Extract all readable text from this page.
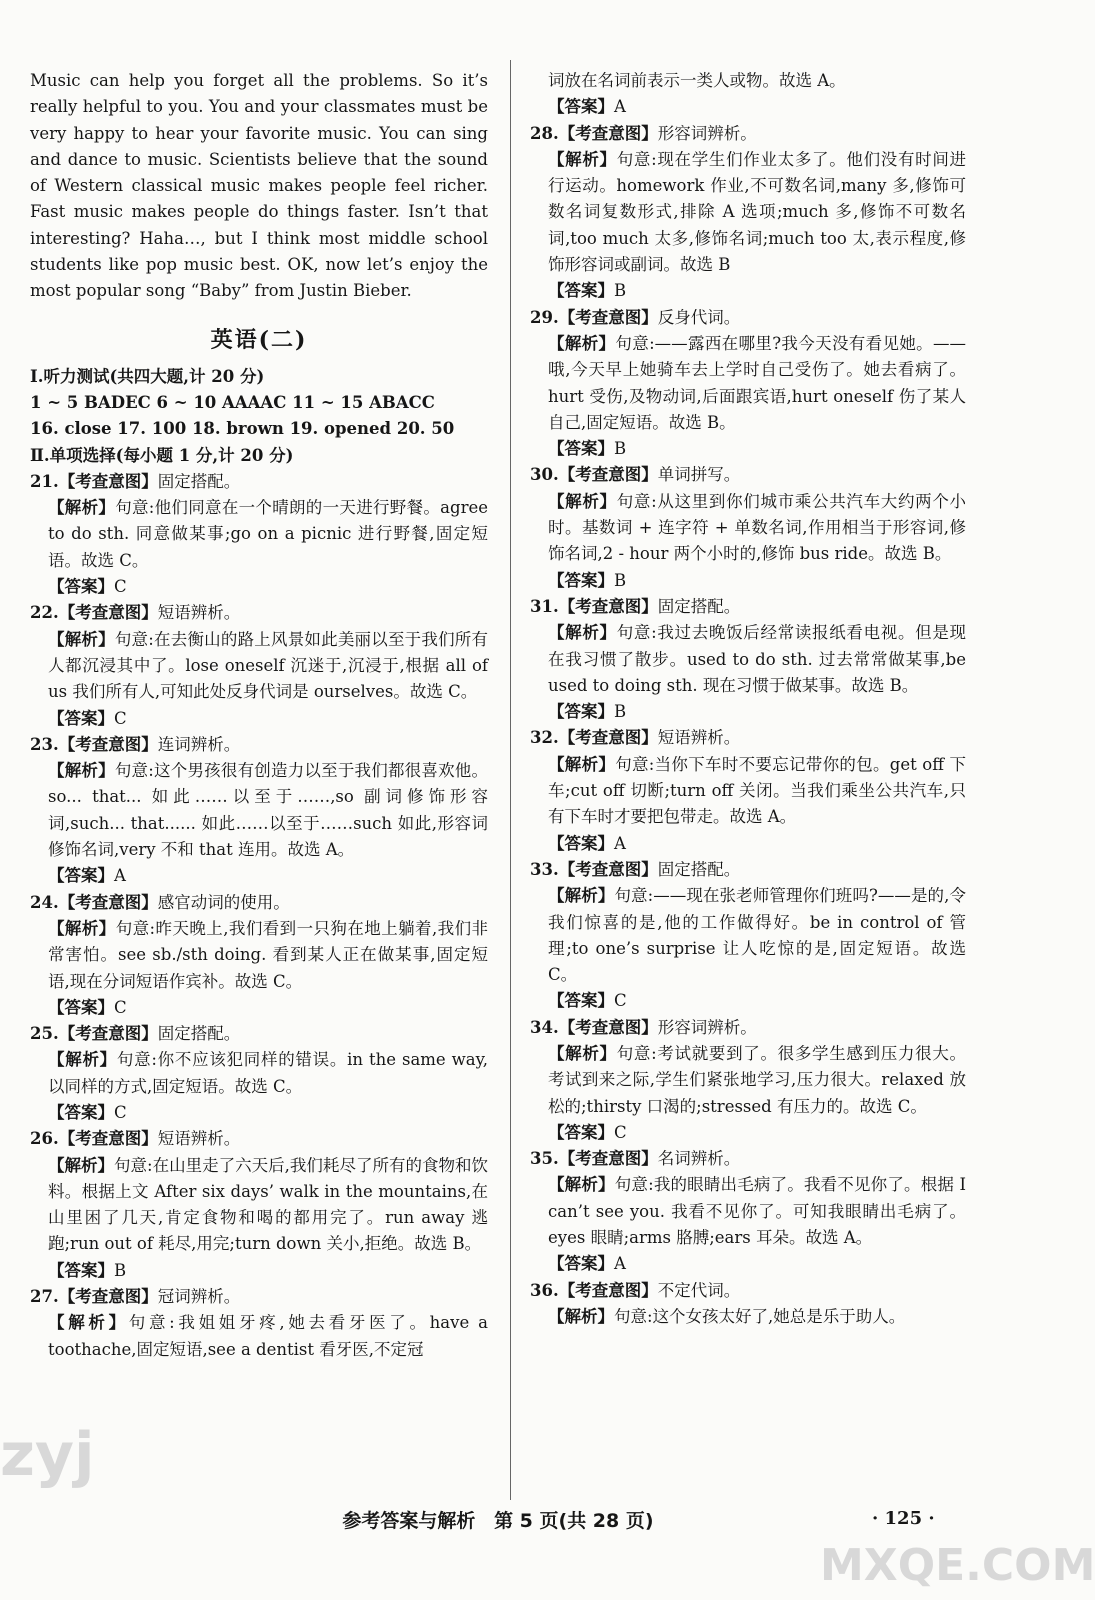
Music can help you forget all the problems. So it’s really helpful to you. You and your classmates must be very happy to hear your favorite music. You can sing and dance to music. Scientists believe that the sound of Western classical music makes people feel richer. Fast music makes people do things faster. Isn’t that interesting? Haha…, but I think most middle school students like pop music best. OK, now let’s enjoy the most popular song “Baby” from Justin Bieber.

英语(二)
Ⅰ.听力测试(共四大题,计 20 分)
1 ~ 5 BADEC 6 ~ 10 AAAAC 11 ~ 15 ABACC
16. close 17. 100 18. brown 19. opened 20. 50
Ⅱ.单项选择(每小题 1 分,计 20 分)
21.【考查意图】固定搭配。
【解析】句意:他们同意在一个晴朗的一天进行野餐。agree to do sth. 同意做某事;go on a picnic 进行野餐,固定短语。故选 C。
【答案】C
22.【考查意图】短语辨析。
【解析】句意:在去衡山的路上风景如此美丽以至于我们所有人都沉浸其中了。lose oneself 沉迷于,沉浸于,根据 all of us 我们所有人,可知此处反身代词是 ourselves。故选 C。
【答案】C
23.【考查意图】连词辨析。
【解析】句意:这个男孩很有创造力以至于我们都很喜欢他。so... that... 如此……以至于……,so 副词修饰形容词,such... that...... 如此……以至于……such 如此,形容词修饰名词,very 不和 that 连用。故选 A。
【答案】A
24.【考查意图】感官动词的使用。
【解析】句意:昨天晚上,我们看到一只狗在地上躺着,我们非常害怕。see sb./sth doing. 看到某人正在做某事,固定短语,现在分词短语作宾补。故选 C。
【答案】C
25.【考查意图】固定搭配。
【解析】句意:你不应该犯同样的错误。in the same way,以同样的方式,固定短语。故选 C。
【答案】C
26.【考查意图】短语辨析。
【解析】句意:在山里走了六天后,我们耗尽了所有的食物和饮料。根据上文 After six days’ walk in the mountains,在山里困了几天,肯定食物和喝的都用完了。run away 逃跑;run out of 耗尽,用完;turn down 关小,拒绝。故选 B。
【答案】B
27.【考查意图】冠词辨析。
【解析】句意:我姐姐牙疼,她去看牙医了。have a toothache,固定短语,see a dentist 看牙医,不定冠
词放在名词前表示一类人或物。故选 A。
【答案】A
28.【考查意图】形容词辨析。
【解析】句意:现在学生们作业太多了。他们没有时间进行运动。homework 作业,不可数名词,many 多,修饰可数名词复数形式,排除 A 选项;much 多,修饰不可数名词,too much 太多,修饰名词;much too 太,表示程度,修饰形容词或副词。故选 B
【答案】B
29.【考查意图】反身代词。
【解析】句意:——露西在哪里?我今天没有看见她。——哦,今天早上她骑车去上学时自己受伤了。她去看病了。hurt 受伤,及物动词,后面跟宾语,hurt oneself 伤了某人自己,固定短语。故选 B。
【答案】B
30.【考查意图】单词拼写。
【解析】句意:从这里到你们城市乘公共汽车大约两个小时。基数词 + 连字符 + 单数名词,作用相当于形容词,修饰名词,2 - hour 两个小时的,修饰 bus ride。故选 B。
【答案】B
31.【考查意图】固定搭配。
【解析】句意:我过去晚饭后经常读报纸看电视。但是现在我习惯了散步。used to do sth. 过去常常做某事,be used to doing sth. 现在习惯于做某事。故选 B。
【答案】B
32.【考查意图】短语辨析。
【解析】句意:当你下车时不要忘记带你的包。get off 下车;cut off 切断;turn off 关闭。当我们乘坐公共汽车,只有下车时才要把包带走。故选 A。
【答案】A
33.【考查意图】固定搭配。
【解析】句意:——现在张老师管理你们班吗?——是的,令我们惊喜的是,他的工作做得好。be in control of 管理;to one’s surprise 让人吃惊的是,固定短语。故选 C。
【答案】C
34.【考查意图】形容词辨析。
【解析】句意:考试就要到了。很多学生感到压力很大。考试到来之际,学生们紧张地学习,压力很大。relaxed 放松的;thirsty 口渴的;stressed 有压力的。故选 C。
【答案】C
35.【考查意图】名词辨析。
【解析】句意:我的眼睛出毛病了。我看不见你了。根据 I can’t see you. 我看不见你了。可知我眼睛出毛病了。eyes 眼睛;arms 胳膊;ears 耳朵。故选 A。
【答案】A
36.【考查意图】不定代词。
【解析】句意:这个女孩太好了,她总是乐于助人。
参考答案与解析 第 5 页(共 28 页)	· 125 ·
zyj
MXQE.COM
